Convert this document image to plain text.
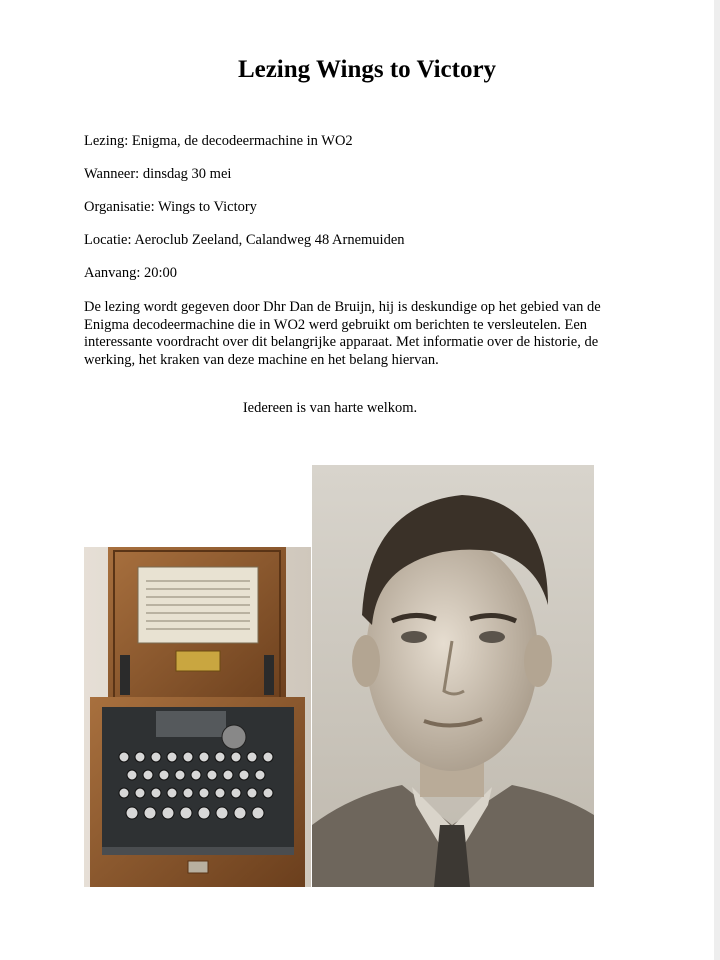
Lezing Wings to Victory
Lezing: Enigma, de decodeermachine in WO2
Wanneer: dinsdag 30 mei
Organisatie: Wings to Victory
Locatie: Aeroclub Zeeland, Calandweg 48 Arnemuiden
Aanvang: 20:00
De lezing wordt gegeven door Dhr Dan de Bruijn, hij is deskundige op het gebied van de
Enigma decodeermachine die in WO2 werd gebruikt om berichten te versleutelen. Een
interessante voordracht over dit belangrijke apparaat. Met informatie over de historie, de
werking, het kraken van deze machine en het belang hiervan.
Iedereen is van harte welkom.
